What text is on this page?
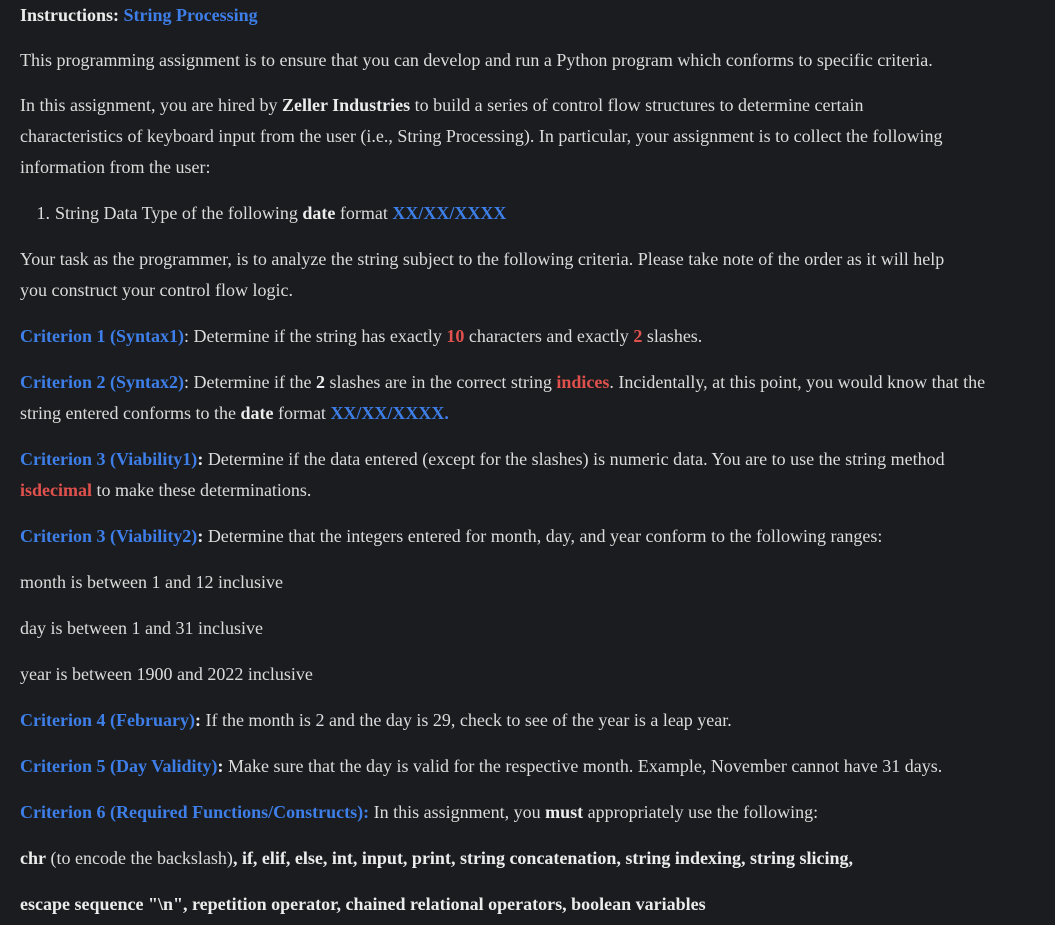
Instructions: String Processing

This programming assignment is to ensure that you can develop and run a Python program which conforms to specific criteria.

In this assignment, you are hired by Zeller Industries to build a series of control flow structures to determine certain

characteristics of keyboard input from the user (i.e., String Processing). In particular, your assignment is to collect the following

information from the user:

1. String Data Type of the following date format XX/XX/XXXX

Your task as the programmer, is to analyze the string subject to the following criteria. Please take note of the order as it will help

you construct your control flow logic.

Criterion 1 (Syntax1): Determine if the string has exactly 10 characters and exactly 2 slashes.

Criterion 2 (Syntax2): Determine if the 2 slashes are in the correct string indices. Incidentally, at this point, you would know that the

string entered conforms to the date format XX/XX/XXXX.

Criterion 3 (Viability1): Determine if the data entered (except for the slashes) is numeric data. You are to use the string method

isdecimal to make these determinations.

Criterion 3 (Viability2): Determine that the integers entered for month, day, and year conform to the following ranges:

month is between 1 and 12 inclusive

day is between 1 and 31 inclusive

year is between 1900 and 2022 inclusive

Criterion 4 (February): If the month is 2 and the day is 29, check to see of the year is a leap year.

Criterion 5 (Day Validity): Make sure that the day is valid for the respective month. Example, November cannot have 31 days.

Criterion 6 (Required Functions/Constructs): In this assignment, you must appropriately use the following:

chr (to encode the backslash), if, elif, else, int, input, print, string concatenation, string indexing, string slicing,

escape sequence "\n", repetition operator, chained relational operators, boolean variables
